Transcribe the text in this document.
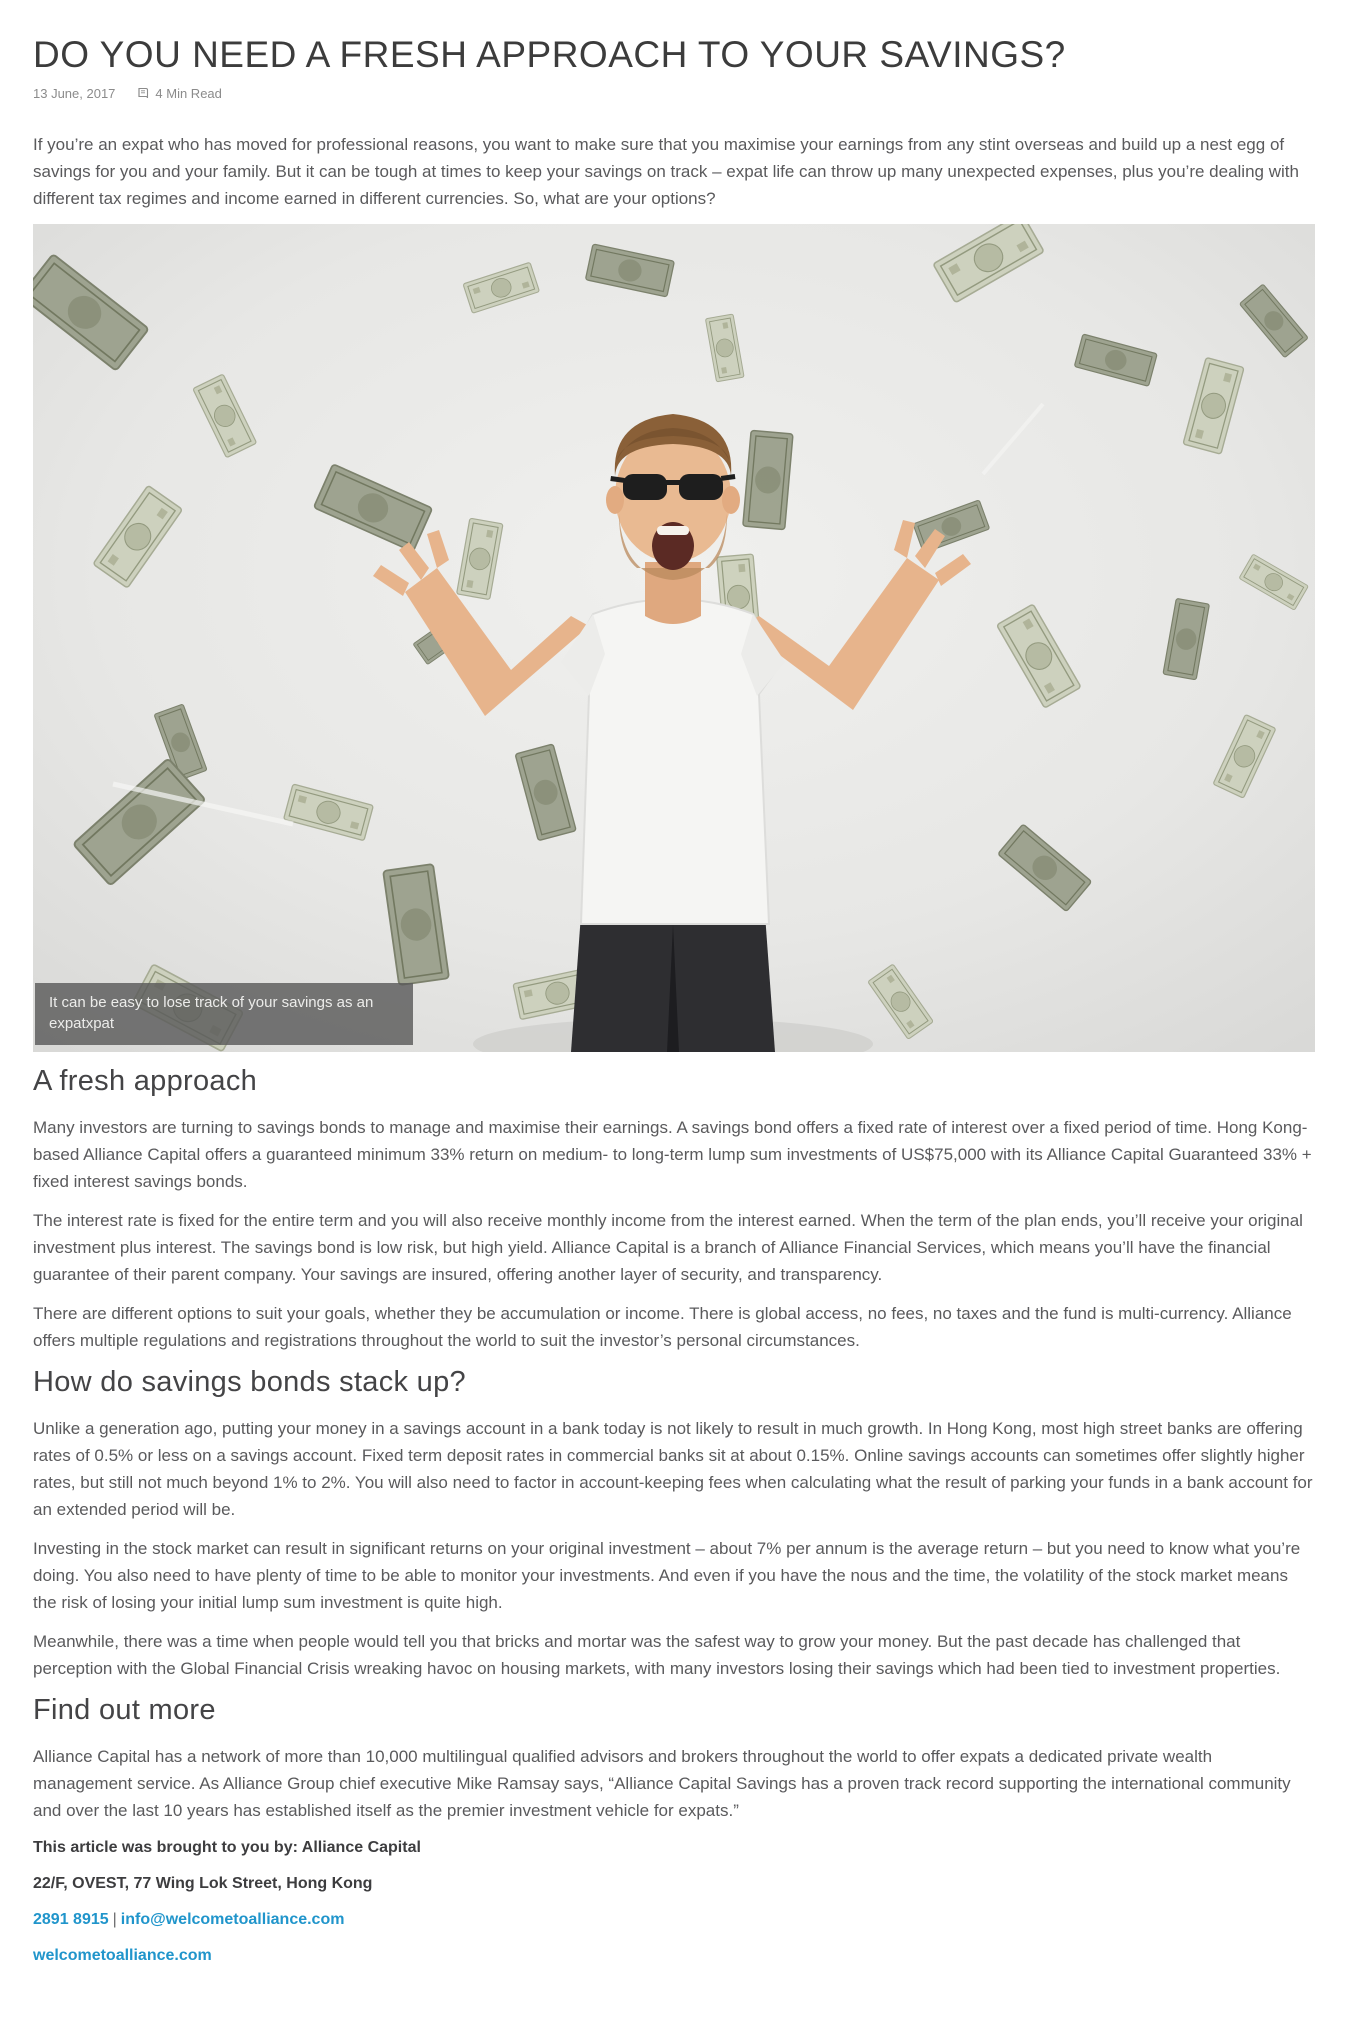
DO YOU NEED A FRESH APPROACH TO YOUR SAVINGS?
13 June, 2017	4 Min Read

If you’re an expat who has moved for professional reasons, you want to make sure that you maximise your earnings from any stint overseas and build up a nest egg of savings for you and your family. But it can be tough at times to keep your savings on track – expat life can throw up many unexpected expenses, plus you’re dealing with different tax regimes and income earned in different currencies. So, what are your options?

It can be easy to lose track of your savings as an expatxpat
A fresh approach

Many investors are turning to savings bonds to manage and maximise their earnings. A savings bond offers a fixed rate of interest over a fixed period of time. Hong Kong-based Alliance Capital offers a guaranteed minimum 33% return on medium- to long-term lump sum investments of US$75,000 with its Alliance Capital Guaranteed 33% + fixed interest savings bonds.

The interest rate is fixed for the entire term and you will also receive monthly income from the interest earned. When the term of the plan ends, you’ll receive your original investment plus interest. The savings bond is low risk, but high yield. Alliance Capital is a branch of Alliance Financial Services, which means you’ll have the financial guarantee of their parent company. Your savings are insured, offering another layer of security, and transparency.

There are different options to suit your goals, whether they be accumulation or income. There is global access, no fees, no taxes and the fund is multi-currency. Alliance offers multiple regulations and registrations throughout the world to suit the investor’s personal circumstances.

How do savings bonds stack up?

Unlike a generation ago, putting your money in a savings account in a bank today is not likely to result in much growth. In Hong Kong, most high street banks are offering rates of 0.5% or less on a savings account. Fixed term deposit rates in commercial banks sit at about 0.15%. Online savings accounts can sometimes offer slightly higher rates, but still not much beyond 1% to 2%. You will also need to factor in account-keeping fees when calculating what the result of parking your funds in a bank account for an extended period will be.

Investing in the stock market can result in significant returns on your original investment – about 7% per annum is the average return – but you need to know what you’re doing. You also need to have plenty of time to be able to monitor your investments. And even if you have the nous and the time, the volatility of the stock market means the risk of losing your initial lump sum investment is quite high.

Meanwhile, there was a time when people would tell you that bricks and mortar was the safest way to grow your money. But the past decade has challenged that perception with the Global Financial Crisis wreaking havoc on housing markets, with many investors losing their savings which had been tied to investment properties.

Find out more

Alliance Capital has a network of more than 10,000 multilingual qualified advisors and brokers throughout the world to offer expats a dedicated private wealth management service. As Alliance Group chief executive Mike Ramsay says, “Alliance Capital Savings has a proven track record supporting the international community and over the last 10 years has established itself as the premier investment vehicle for expats.”

This article was brought to you by: Alliance Capital

22/F, OVEST, 77 Wing Lok Street, Hong Kong

2891 8915 | info@welcometoalliance.com

welcometoalliance.com
